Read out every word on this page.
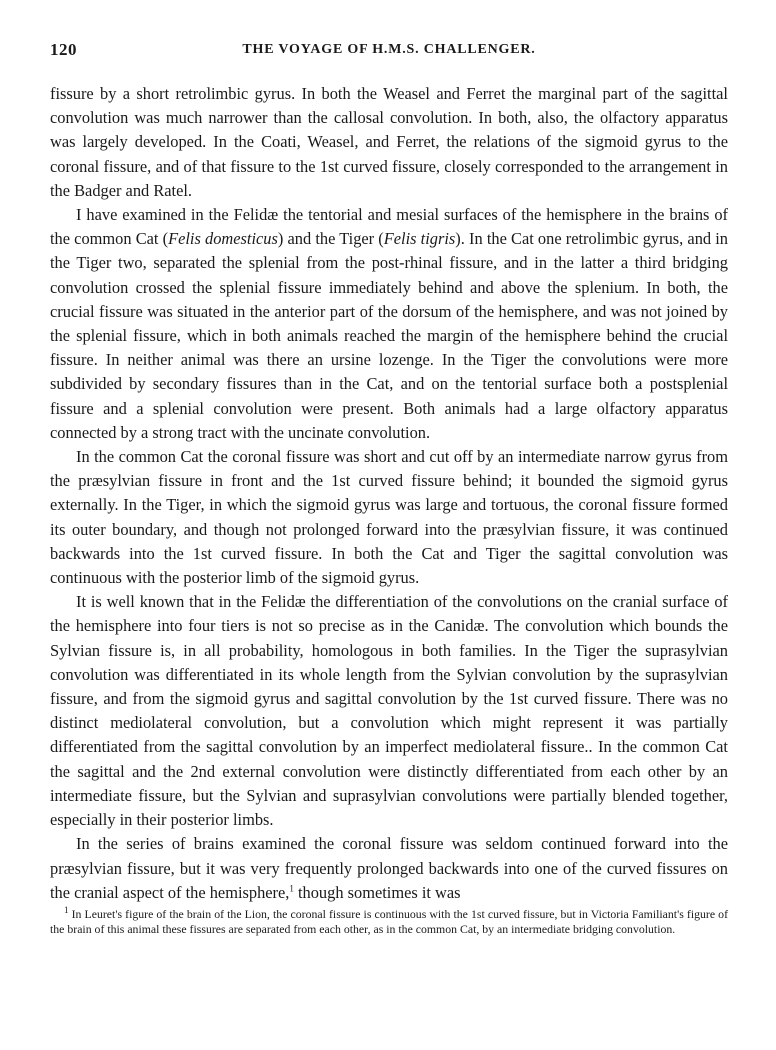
120	THE VOYAGE OF H.M.S. CHALLENGER.

fissure by a short retrolimbic gyrus. In both the Weasel and Ferret the marginal part of the sagittal convolution was much narrower than the callosal convolution. In both, also, the olfactory apparatus was largely developed. In the Coati, Weasel, and Ferret, the relations of the sigmoid gyrus to the coronal fissure, and of that fissure to the 1st curved fissure, closely corresponded to the arrangement in the Badger and Ratel.

I have examined in the Felidæ the tentorial and mesial surfaces of the hemisphere in the brains of the common Cat (Felis domesticus) and the Tiger (Felis tigris). In the Cat one retrolimbic gyrus, and in the Tiger two, separated the splenial from the post-rhinal fissure, and in the latter a third bridging convolution crossed the splenial fissure immediately behind and above the splenium. In both, the crucial fissure was situated in the anterior part of the dorsum of the hemisphere, and was not joined by the splenial fissure, which in both animals reached the margin of the hemisphere behind the crucial fissure. In neither animal was there an ursine lozenge. In the Tiger the convolutions were more subdivided by secondary fissures than in the Cat, and on the tentorial surface both a postsplenial fissure and a splenial convolution were present. Both animals had a large olfactory apparatus connected by a strong tract with the uncinate convolution.

In the common Cat the coronal fissure was short and cut off by an intermediate narrow gyrus from the præsylvian fissure in front and the 1st curved fissure behind; it bounded the sigmoid gyrus externally. In the Tiger, in which the sigmoid gyrus was large and tortuous, the coronal fissure formed its outer boundary, and though not prolonged forward into the præsylvian fissure, it was continued backwards into the 1st curved fissure. In both the Cat and Tiger the sagittal convolution was continuous with the posterior limb of the sigmoid gyrus.

It is well known that in the Felidæ the differentiation of the convolutions on the cranial surface of the hemisphere into four tiers is not so precise as in the Canidæ. The convolution which bounds the Sylvian fissure is, in all probability, homologous in both families. In the Tiger the suprasylvian convolution was differentiated in its whole length from the Sylvian convolution by the suprasylvian fissure, and from the sigmoid gyrus and sagittal convolution by the 1st curved fissure. There was no distinct mediolateral convolution, but a convolution which might represent it was partially differentiated from the sagittal convolution by an imperfect mediolateral fissure.. In the common Cat the sagittal and the 2nd external convolution were distinctly differentiated from each other by an intermediate fissure, but the Sylvian and suprasylvian convolutions were partially blended together, especially in their posterior limbs.

In the series of brains examined the coronal fissure was seldom continued forward into the præsylvian fissure, but it was very frequently prolonged backwards into one of the curved fissures on the cranial aspect of the hemisphere,$^1$ though sometimes it was

$^1$ In Leuret's figure of the brain of the Lion, the coronal fissure is continuous with the 1st curved fissure, but in Victoria Familiant's figure of the brain of this animal these fissures are separated from each other, as in the common Cat, by an intermediate bridging convolution.
